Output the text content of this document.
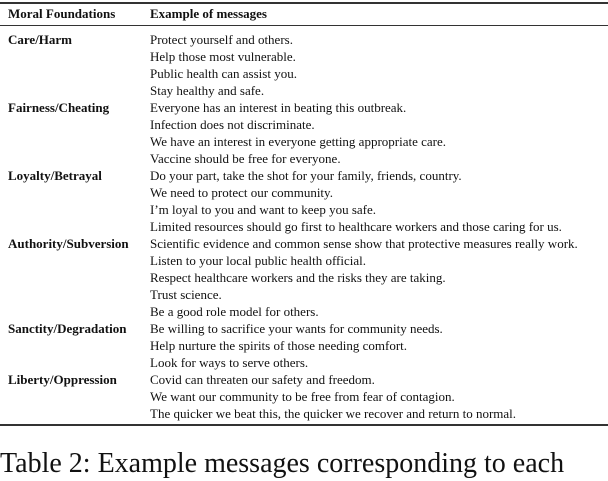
Moral Foundations	Example of messages
Care/Harm	Protect yourself and others.
	Help those most vulnerable.
	Public health can assist you.
	Stay healthy and safe.
Fairness/Cheating	Everyone has an interest in beating this outbreak.
	Infection does not discriminate.
	We have an interest in everyone getting appropriate care.
	Vaccine should be free for everyone.
Loyalty/Betrayal	Do your part, take the shot for your family, friends, country.
	We need to protect our community.
	I’m loyal to you and want to keep you safe.
	Limited resources should go first to healthcare workers and those caring for us.
Authority/Subversion	Scientific evidence and common sense show that protective measures really work.
	Listen to your local public health official.
	Respect healthcare workers and the risks they are taking.
	Trust science.
	Be a good role model for others.
Sanctity/Degradation	Be willing to sacrifice your wants for community needs.
	Help nurture the spirits of those needing comfort.
	Look for ways to serve others.
Liberty/Oppression	Covid can threaten our safety and freedom.
	We want our community to be free from fear of contagion.
	The quicker we beat this, the quicker we recover and return to normal.
Table 2: Example messages corresponding to each
